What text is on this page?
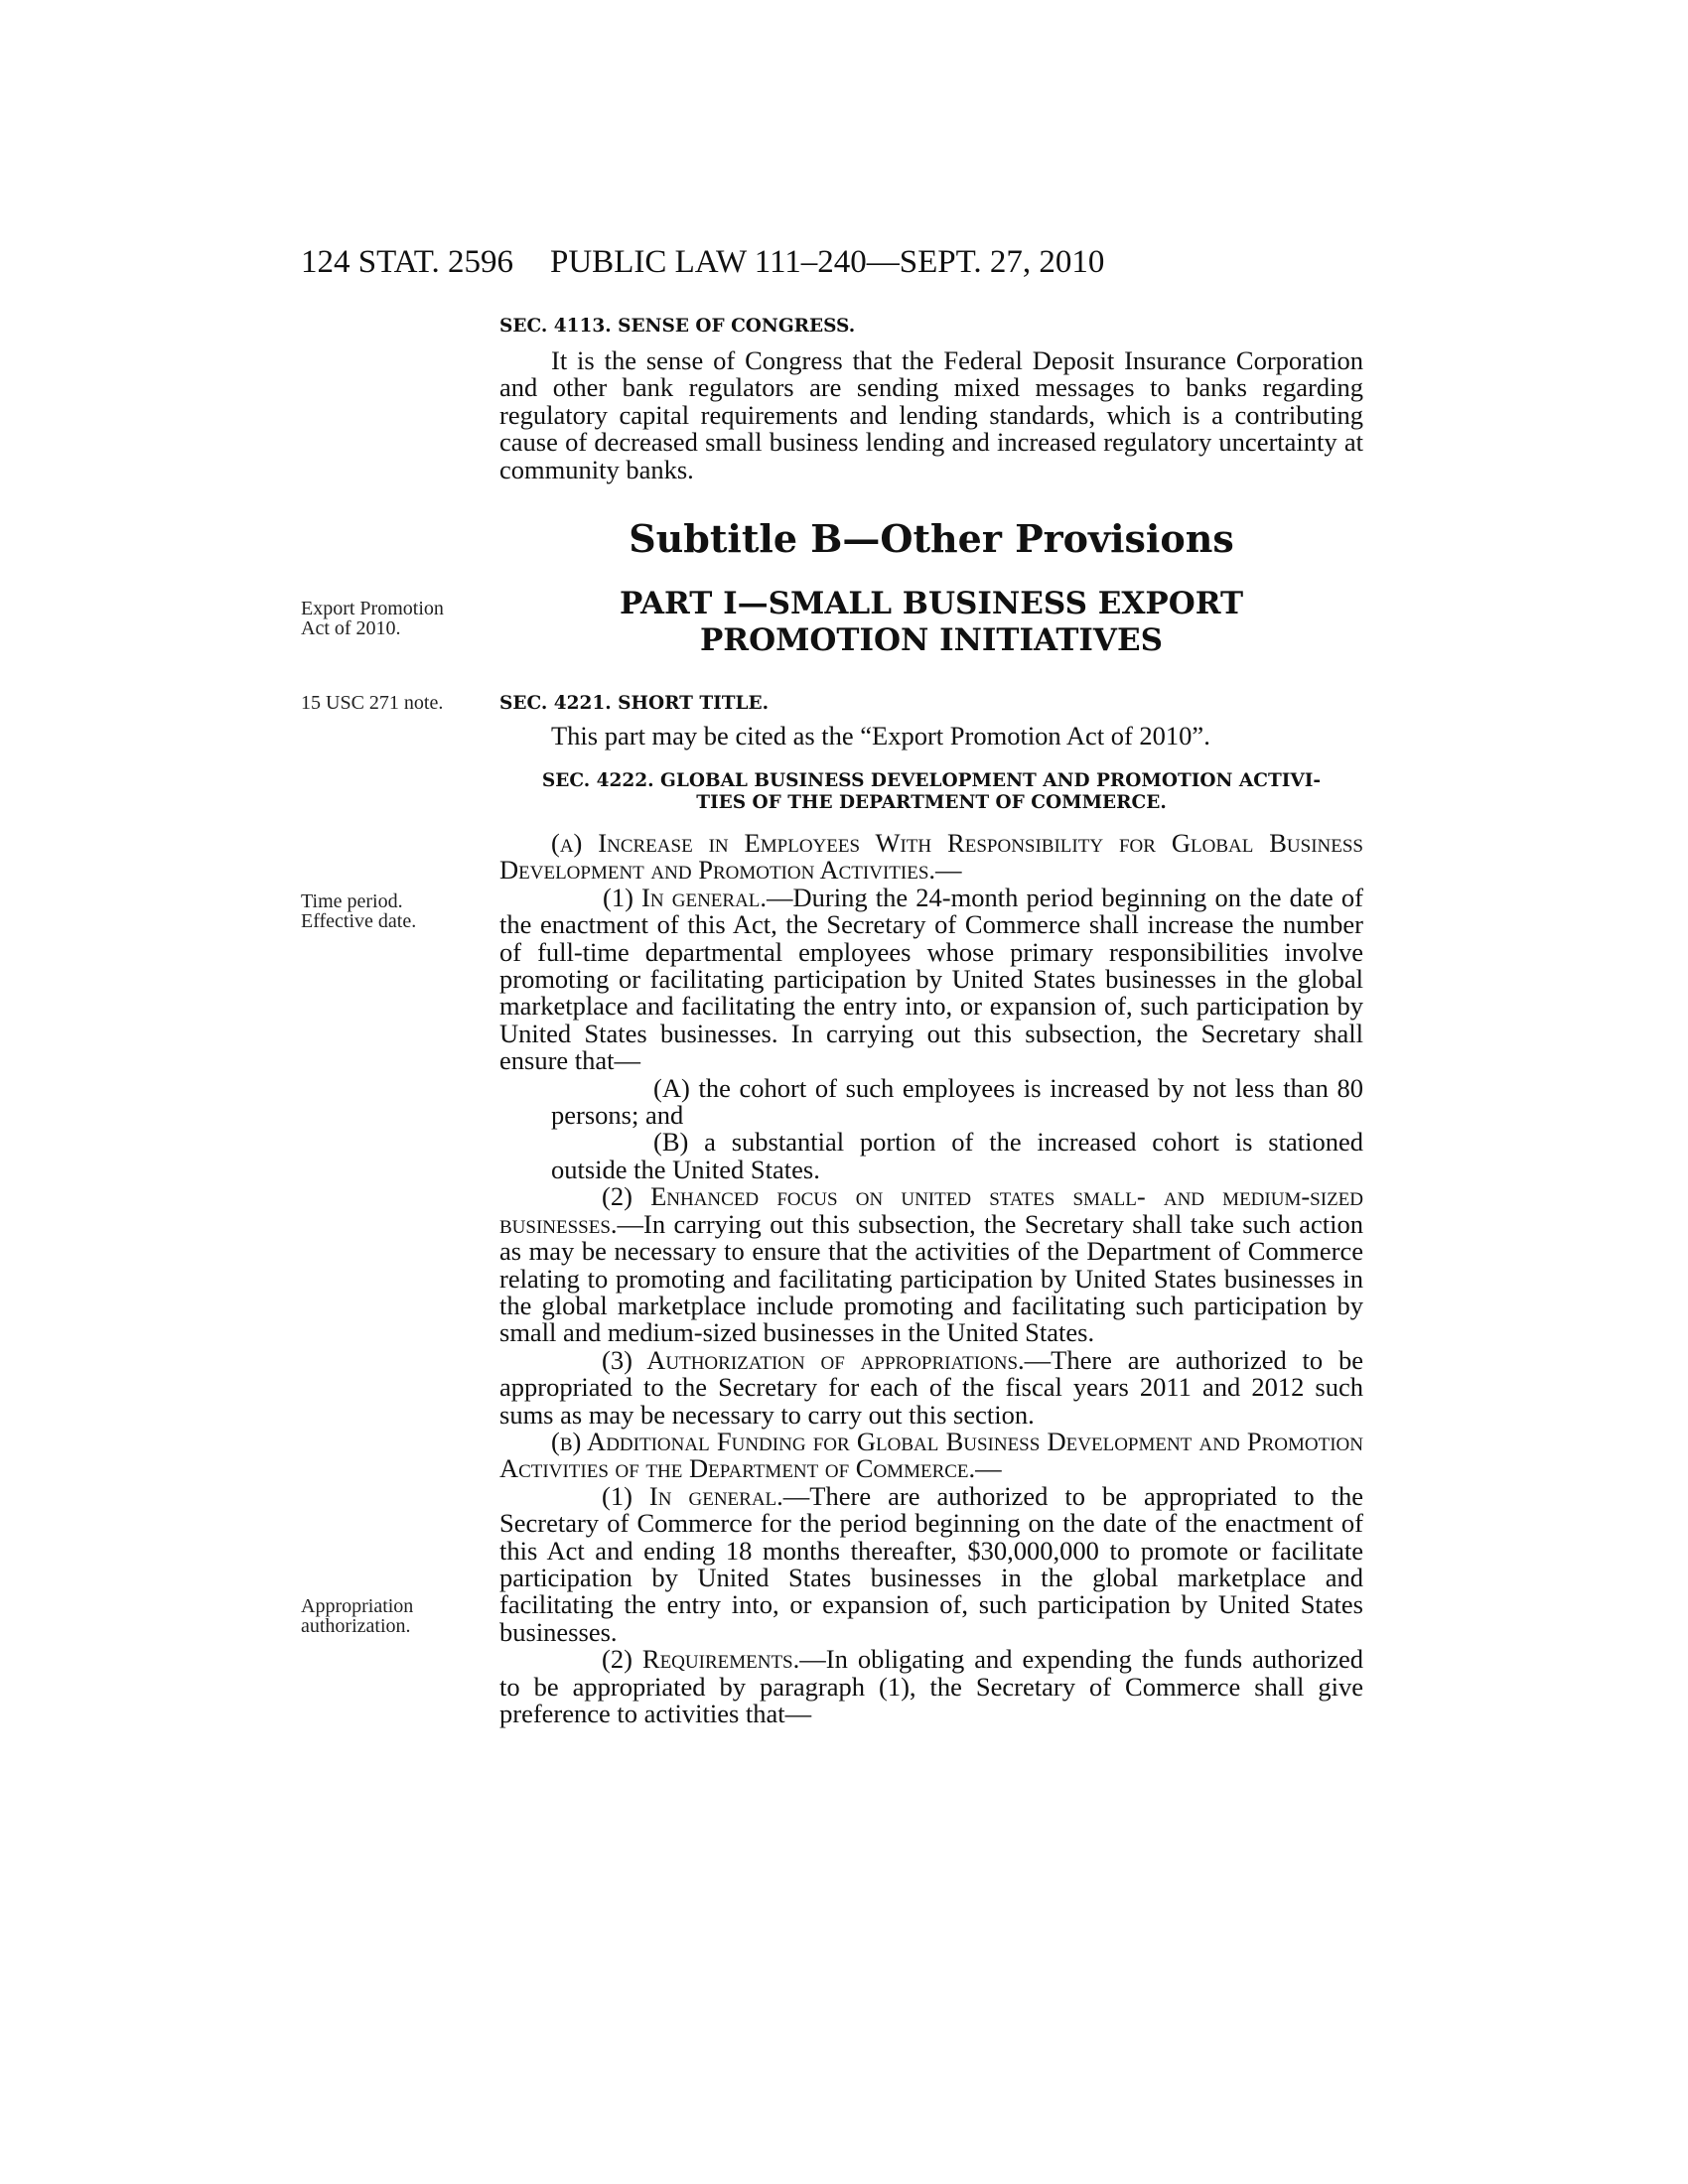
124 STAT. 2596 PUBLIC LAW 111–240—SEPT. 27, 2010

SEC. 4113. SENSE OF CONGRESS.

It is the sense of Congress that the Federal Deposit Insurance Corporation and other bank regulators are sending mixed messages to banks regarding regulatory capital requirements and lending standards, which is a contributing cause of decreased small business lending and increased regulatory uncertainty at community banks.

Subtitle B—Other Provisions
PART I—SMALL BUSINESS EXPORT
PROMOTION INITIATIVES
Export Promotion Act of 2010.
15 USC 271 note.
Time period.
Effective date.
Appropriation authorization.

SEC. 4221. SHORT TITLE.

This part may be cited as the “Export Promotion Act of 2010”.

SEC. 4222. GLOBAL BUSINESS DEVELOPMENT AND PROMOTION ACTIVI-
TIES OF THE DEPARTMENT OF COMMERCE.

(a) Increase in Employees With Responsibility for Global Business Development and Promotion Activities.—

(1) In general.—During the 24-month period beginning on the date of the enactment of this Act, the Secretary of Commerce shall increase the number of full-time departmental employees whose primary responsibilities involve promoting or facilitating participation by United States businesses in the global marketplace and facilitating the entry into, or expansion of, such participation by United States businesses. In carrying out this subsection, the Secretary shall ensure that—

(A) the cohort of such employees is increased by not less than 80 persons; and

(B) a substantial portion of the increased cohort is stationed outside the United States.

(2) Enhanced focus on united states small- and medium-sized businesses.—In carrying out this subsection, the Secretary shall take such action as may be necessary to ensure that the activities of the Department of Commerce relating to promoting and facilitating participation by United States businesses in the global marketplace include promoting and facilitating such participation by small and medium-sized businesses in the United States.

(3) Authorization of appropriations.—There are authorized to be appropriated to the Secretary for each of the fiscal years 2011 and 2012 such sums as may be necessary to carry out this section.

(b) Additional Funding for Global Business Development and Promotion Activities of the Department of Commerce.—

(1) In general.—There are authorized to be appropriated to the Secretary of Commerce for the period beginning on the date of the enactment of this Act and ending 18 months thereafter, $30,000,000 to promote or facilitate participation by United States businesses in the global marketplace and facilitating the entry into, or expansion of, such participation by United States businesses.

(2) Requirements.—In obligating and expending the funds authorized to be appropriated by paragraph (1), the Secretary of Commerce shall give preference to activities that—
